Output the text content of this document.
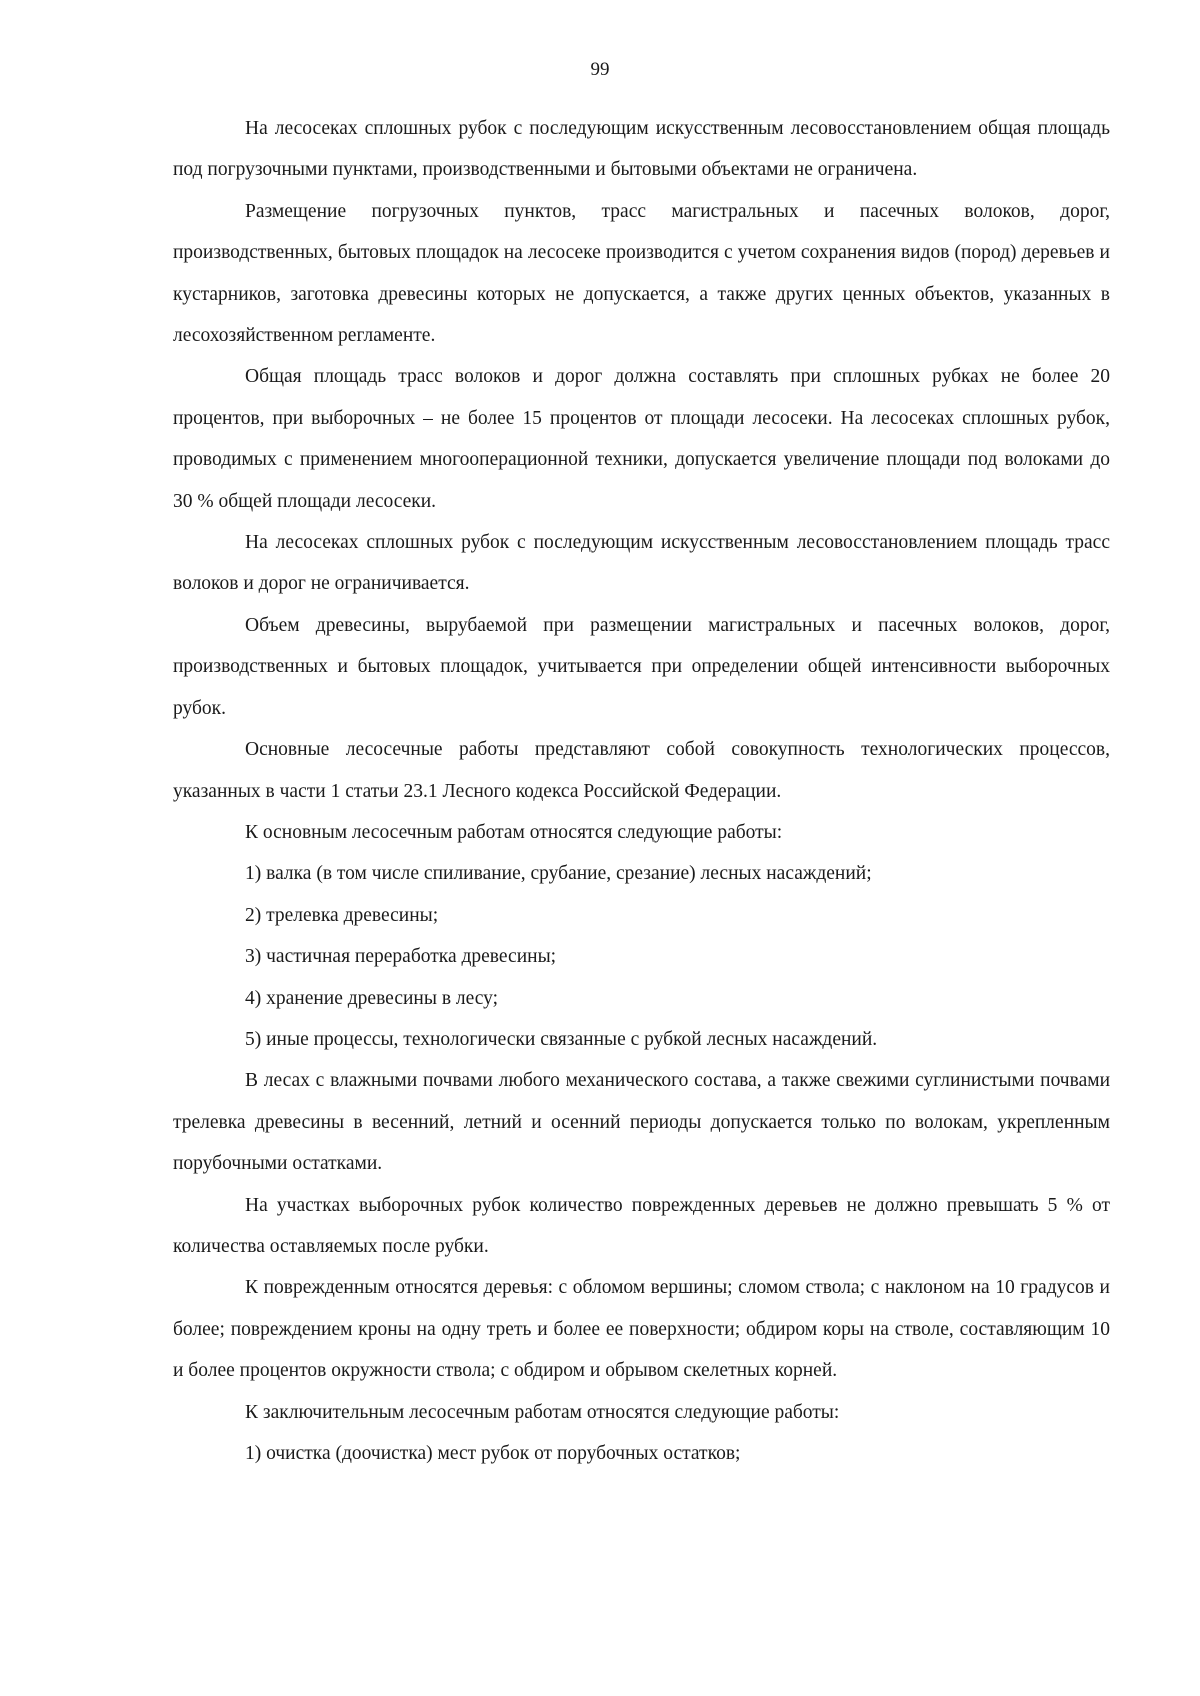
99

На лесосеках сплошных рубок с последующим искусственным лесовосстановлением общая площадь под погрузочными пунктами, производственными и бытовыми объектами не ограничена.

Размещение погрузочных пунктов, трасс магистральных и пасечных волоков, дорог, производственных, бытовых площадок на лесосеке производится с учетом сохранения видов (пород) деревьев и кустарников, заготовка древесины которых не допускается, а также других ценных объектов, указанных в лесохозяйственном регламенте.

Общая площадь трасс волоков и дорог должна составлять при сплошных рубках не более 20 процентов, при выборочных – не более 15 процентов от площади лесосеки. На лесосеках сплошных рубок, проводимых с применением многооперационной техники, допускается увеличение площади под волоками до 30 % общей площади лесосеки.

На лесосеках сплошных рубок с последующим искусственным лесовосстановлением площадь трасс волоков и дорог не ограничивается.

Объем древесины, вырубаемой при размещении магистральных и пасечных волоков, дорог, производственных и бытовых площадок, учитывается при определении общей интенсивности выборочных рубок.

Основные лесосечные работы представляют собой совокупность технологических процессов, указанных в части 1 статьи 23.1 Лесного кодекса Российской Федерации.

К основным лесосечным работам относятся следующие работы:

1) валка (в том числе спиливание, срубание, срезание) лесных насаждений;

2) трелевка древесины;

3) частичная переработка древесины;

4) хранение древесины в лесу;

5) иные процессы, технологически связанные с рубкой лесных насаждений.

В лесах с влажными почвами любого механического состава, а также свежими суглинистыми почвами трелевка древесины в весенний, летний и осенний периоды допускается только по волокам, укрепленным порубочными остатками.

На участках выборочных рубок количество поврежденных деревьев не должно превышать 5 % от количества оставляемых после рубки.

К поврежденным относятся деревья: с обломом вершины; сломом ствола; с наклоном на 10 градусов и более; повреждением кроны на одну треть и более ее поверхности; обдиром коры на стволе, составляющим 10 и более процентов окружности ствола; с обдиром и обрывом скелетных корней.

К заключительным лесосечным работам относятся следующие работы:

1) очистка (доочистка) мест рубок от порубочных остатков;
